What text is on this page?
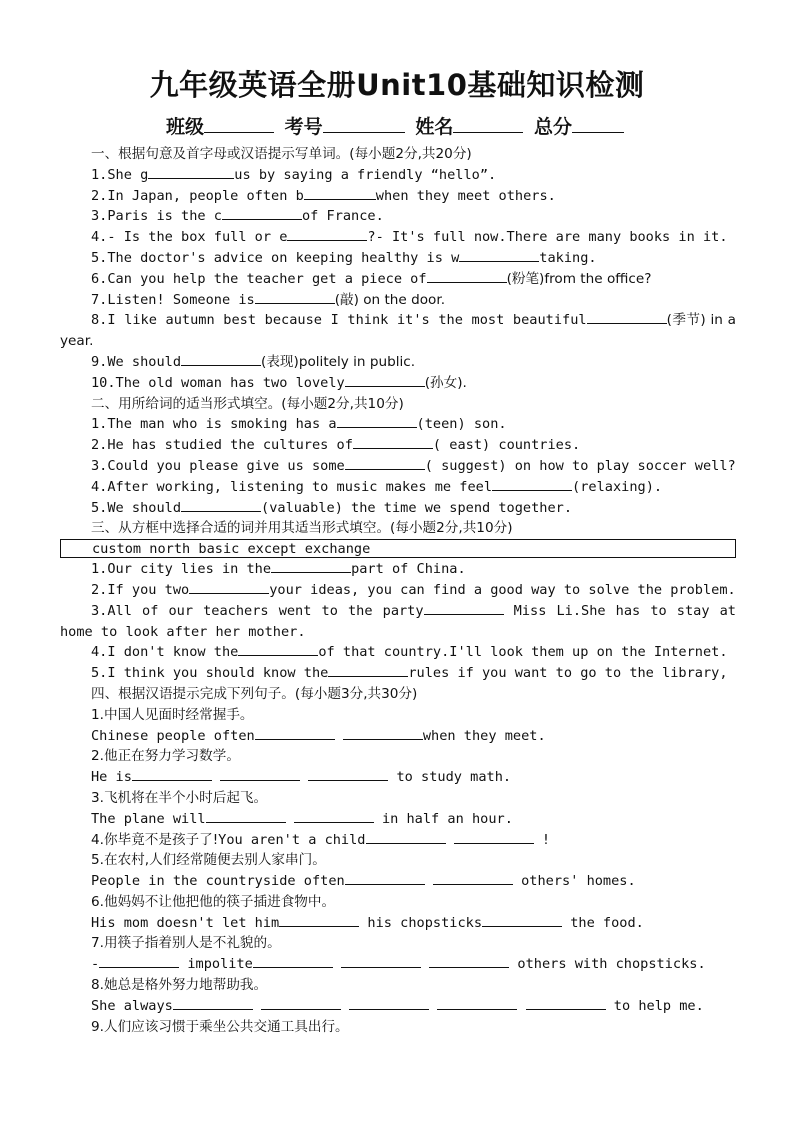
九年级英语全册Unit10基础知识检测
班级	考号	姓名	总分
一、根据句意及首字母或汉语提示写单词。(每小题2分,共20分)
1.She g	us by saying a friendly “hello”.
2.In Japan, people often b	when they meet others.
3.Paris is the c	of France.
4.- Is the box full or e	?- It's full now.There are many books in it.
5.The doctor's advice on keeping healthy is w	taking.
6.Can you help the teacher get a piece of	(粉笔)from the office?
7.Listen! Someone is	(敲) on the door.
8.I like autumn best because I think it's the most beautiful	(季节) in a year.
9.We should	(表现)politely in public.
10.The old woman has two lovely	(孙女).
二、用所给词的适当形式填空。(每小题2分,共10分)
1.The man who is smoking has a	(teen) son.
2.He has studied the cultures of	( east) countries.
3.Could you please give us some	( suggest) on how to play soccer well?
4.After working, listening to music makes me feel	(relaxing).
5.We should	(valuable) the time we spend together.
三、从方框中选择合适的词并用其适当形式填空。(每小题2分,共10分)
custom north basic except exchange
1.Our city lies in the	part of China.
2.If you two	your ideas, you can find a good way to solve the problem.
3.All of our teachers went to the party	Miss Li.She has to stay at home to look after her mother.
4.I don't know the	of that country.I'll look them up on the Internet.
5.I think you should know the	rules if you want to go to the library,
四、根据汉语提示完成下列句子。(每小题3分,共30分)
1.中国人见面时经常握手。
Chinese people often	when they meet.
2.他正在努力学习数学。
He is	to study math.
3.飞机将在半个小时后起飞。
The plane will	in half an hour.
4.你毕竟不是孩子了!You aren't a child	!
5.在农村,人们经常随便去别人家串门。
People in the countryside often	others' homes.
6.他妈妈不让他把他的筷子插进食物中。
His mom doesn't let him	his chopsticks	the food.
7.用筷子指着别人是不礼貌的。
-	impolite	others with chopsticks.
8.她总是格外努力地帮助我。
She always	to help me.
9.人们应该习惯于乘坐公共交通工具出行。
